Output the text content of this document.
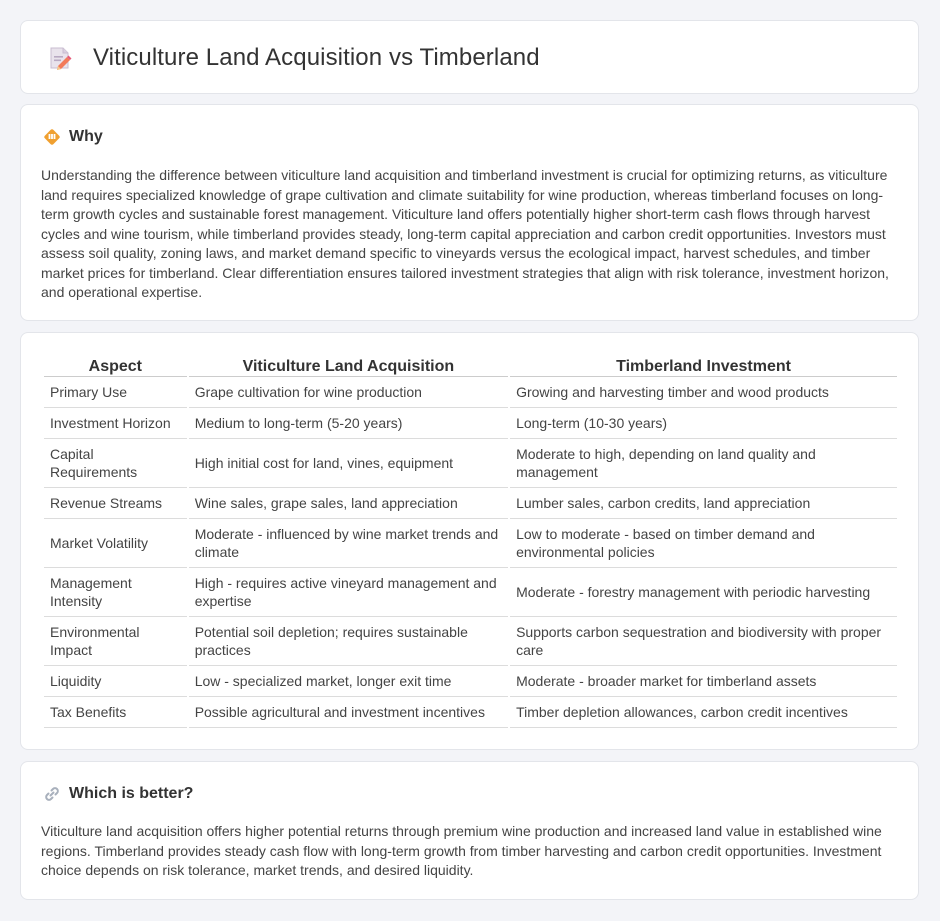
Viticulture Land Acquisition vs Timberland
Why

Understanding the difference between viticulture land acquisition and timberland investment is crucial for optimizing returns, as viticulture land requires specialized knowledge of grape cultivation and climate suitability for wine production, whereas timberland focuses on long-term growth cycles and sustainable forest management. Viticulture land offers potentially higher short-term cash flows through harvest cycles and wine tourism, while timberland provides steady, long-term capital appreciation and carbon credit opportunities. Investors must assess soil quality, zoning laws, and market demand specific to vineyards versus the ecological impact, harvest schedules, and timber market prices for timberland. Clear differentiation ensures tailored investment strategies that align with risk tolerance, investment horizon, and operational expertise.

Aspect	Viticulture Land Acquisition	Timberland Investment
Primary Use	Grape cultivation for wine production	Growing and harvesting timber and wood products
Investment Horizon	Medium to long-term (5-20 years)	Long-term (10-30 years)
Capital Requirements	High initial cost for land, vines, equipment	Moderate to high, depending on land quality and management
Revenue Streams	Wine sales, grape sales, land appreciation	Lumber sales, carbon credits, land appreciation
Market Volatility	Moderate - influenced by wine market trends and climate	Low to moderate - based on timber demand and environmental policies
Management Intensity	High - requires active vineyard management and expertise	Moderate - forestry management with periodic harvesting
Environmental Impact	Potential soil depletion; requires sustainable practices	Supports carbon sequestration and biodiversity with proper care
Liquidity	Low - specialized market, longer exit time	Moderate - broader market for timberland assets
Tax Benefits	Possible agricultural and investment incentives	Timber depletion allowances, carbon credit incentives
Which is better?

Viticulture land acquisition offers higher potential returns through premium wine production and increased land value in established wine regions. Timberland provides steady cash flow with long-term growth from timber harvesting and carbon credit opportunities. Investment choice depends on risk tolerance, market trends, and desired liquidity.
